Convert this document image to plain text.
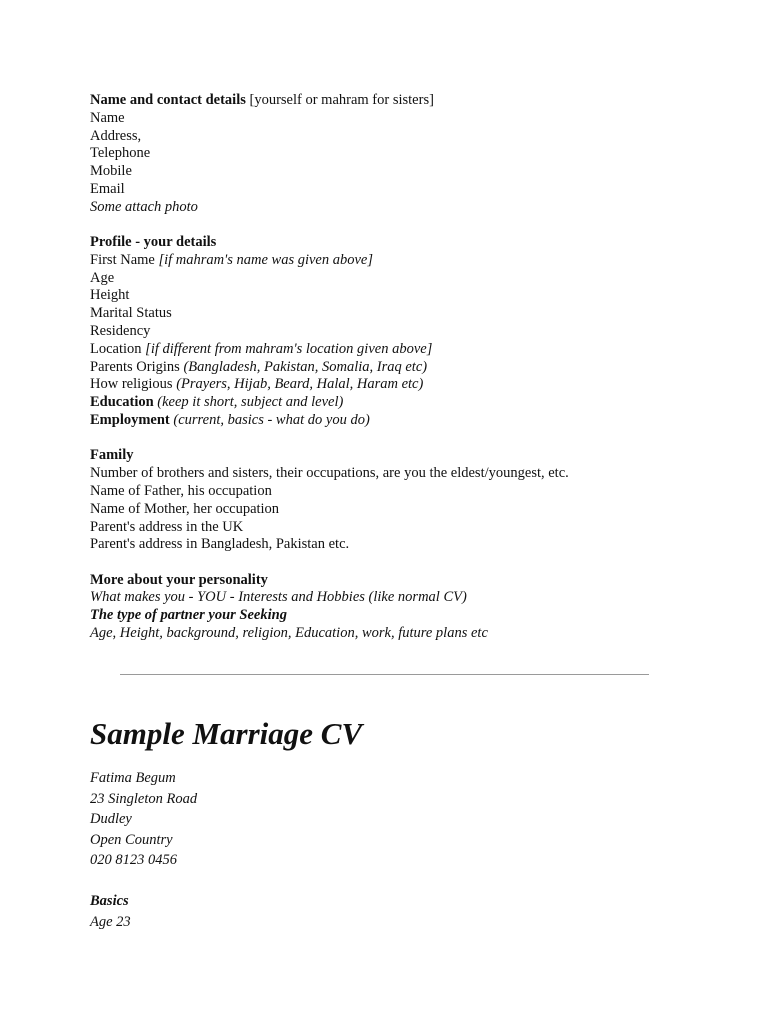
Name and contact details [yourself or mahram for sisters]
Name
Address,
Telephone
Mobile
Email
Some attach photo
Profile - your details
First Name [if mahram's name was given above]
Age
Height
Marital Status
Residency
Location [if different from mahram's location given above]
Parents Origins (Bangladesh, Pakistan, Somalia, Iraq etc)
How religious (Prayers, Hijab, Beard, Halal, Haram etc)
Education (keep it short, subject and level)
Employment (current, basics - what do you do)
Family
Number of brothers and sisters, their occupations, are you the eldest/youngest, etc.
Name of Father, his occupation
Name of Mother, her occupation
Parent's address in the UK
Parent's address in Bangladesh, Pakistan etc.
More about your personality
What makes you - YOU - Interests and Hobbies (like normal CV)
The type of partner your Seeking
Age, Height, background, religion, Education, work, future plans etc
Sample Marriage CV
Fatima Begum
23 Singleton Road
Dudley
Open Country
020 8123 0456
Basics
Age 23
